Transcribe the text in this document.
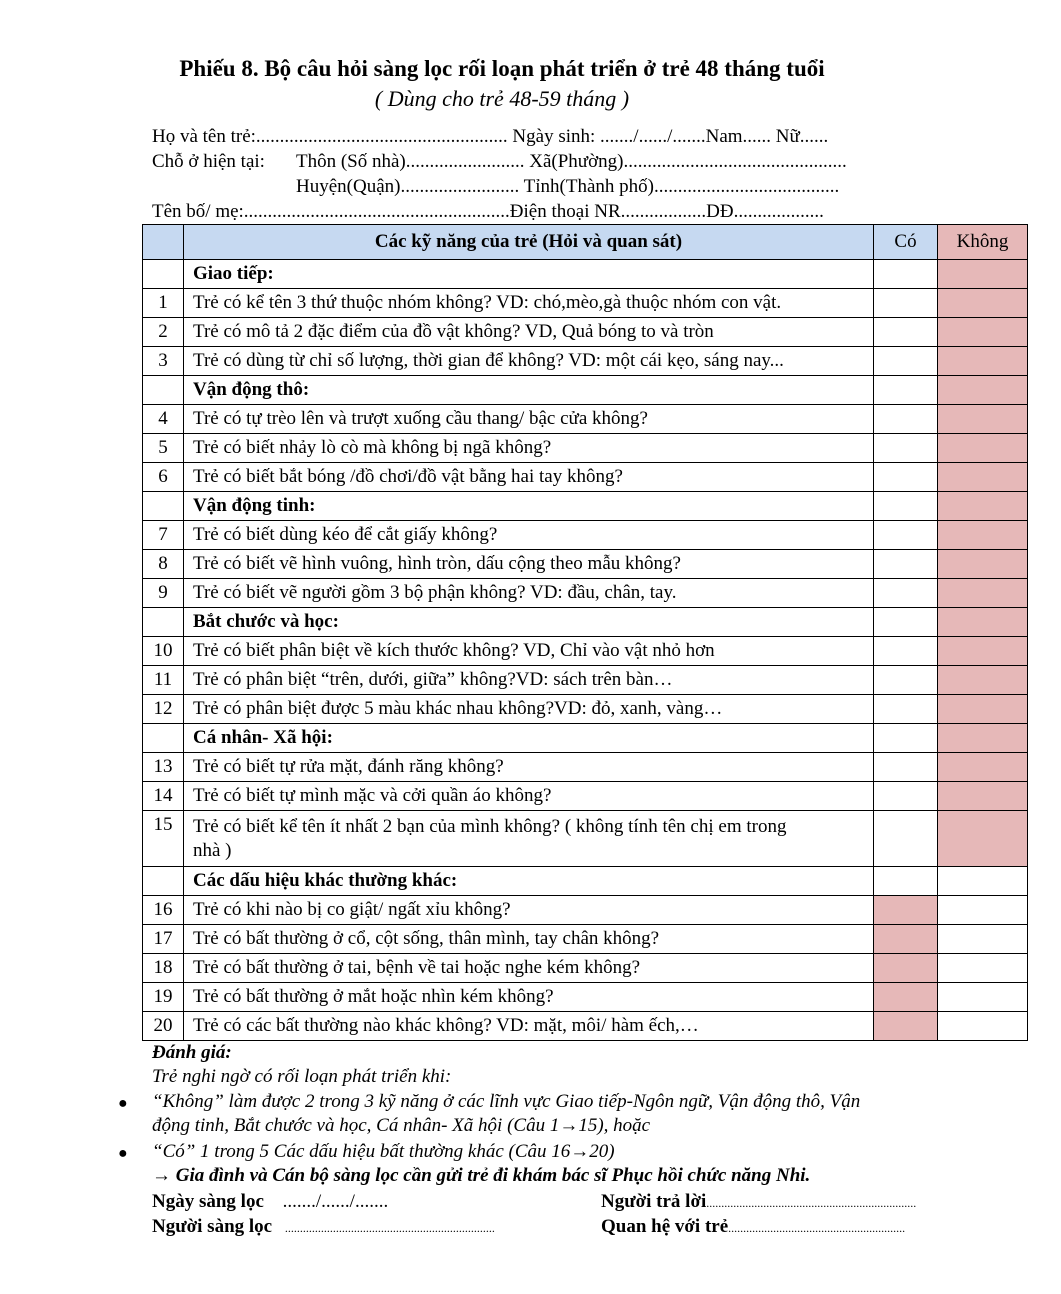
Phiếu 8. Bộ câu hỏi sàng lọc rối loạn phát triển ở trẻ 48 tháng tuổi
( Dùng cho trẻ 48-59 tháng )
Họ và tên trẻ:..................................................... Ngày sinh: ......./....../.......Nam...... Nữ......
Chỗ ở hiện tại: Thôn (Số nhà)......................... Xã(Phường)...............................................
Huyện(Quận)......................... Tỉnh(Thành phố).......................................
Tên bố/ mẹ:........................................................Điện thoại NR..................DĐ...................
	Các kỹ năng của trẻ (Hỏi và quan sát)	Có	Không
	Giao tiếp:		
1	Trẻ có kể tên 3 thứ thuộc nhóm không? VD: chó,mèo,gà thuộc nhóm con vật.		
2	Trẻ có mô tả 2 đặc điểm của đồ vật không? VD, Quả bóng to và tròn		
3	Trẻ có dùng từ chỉ số lượng, thời gian để không? VD: một cái kẹo, sáng nay...		
	Vận động thô:		
4	Trẻ có tự trèo lên và trượt xuống cầu thang/ bậc cửa không?		
5	Trẻ có biết nhảy lò cò mà không bị ngã không?		
6	Trẻ có biết bắt bóng /đồ chơi/đồ vật bằng hai tay không?		
	Vận động tinh:		
7	Trẻ có biết dùng kéo để cắt giấy không?		
8	Trẻ có biết vẽ hình vuông, hình tròn, dấu cộng theo mẫu không?		
9	Trẻ có biết vẽ người gồm 3 bộ phận không? VD: đầu, chân, tay.		
	Bắt chước và học:		
10	Trẻ có biết phân biệt về kích thước không? VD, Chỉ vào vật nhỏ hơn		
11	Trẻ có phân biệt “trên, dưới, giữa” không?VD: sách trên bàn…		
12	Trẻ có phân biệt được 5 màu khác nhau không?VD: đỏ, xanh, vàng…		
	Cá nhân- Xã hội:		
13	Trẻ có biết tự rửa mặt, đánh răng không?		
14	Trẻ có biết tự mình mặc và cởi quần áo không?		
15	Trẻ có biết kể tên ít nhất 2 bạn của mình không? ( không tính tên chị em trong nhà )		
	Các dấu hiệu khác thường khác:		
16	Trẻ có khi nào bị co giật/ ngất xỉu không?		
17	Trẻ có bất thường ở cổ, cột sống, thân mình, tay chân không?		
18	Trẻ có bất thường ở tai, bệnh về tai hoặc nghe kém không?		
19	Trẻ có bất thường ở mắt hoặc nhìn kém không?		
20	Trẻ có các bất thường nào khác không? VD: mặt, môi/ hàm ếch,…		
Đánh giá:
Trẻ nghi ngờ có rối loạn phát triển khi:
● “Không” làm được 2 trong 3 kỹ năng ở các lĩnh vực Giao tiếp-Ngôn ngữ, Vận động thô, Vận
động tinh, Bắt chước và học, Cá nhân- Xã hội (Câu 1→15), hoặc
● “Có” 1 trong 5 Các dấu hiệu bất thường khác (Câu 16→20)
→ Gia đình và Cán bộ sàng lọc cần gửi trẻ đi khám bác sĩ Phục hồi chức năng Nhi.
Ngày sàng lọc ......./....../.......	Người trả lời......................................................................
Người sàng lọc ......................................................................	Quan hệ với trẻ...........................................................
